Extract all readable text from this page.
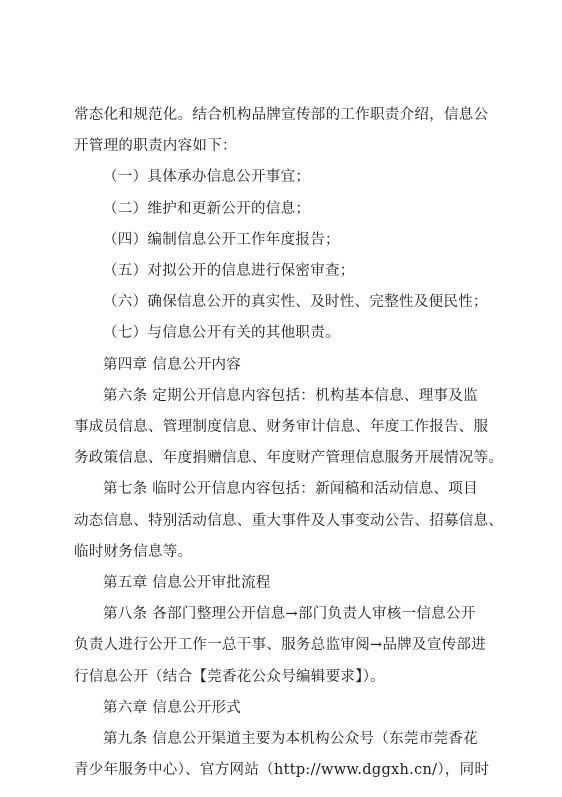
常态化和规范化。结合机构品牌宣传部的工作职责介绍，信息公
开管理的职责内容如下：
（一）具体承办信息公开事宜；
（二）维护和更新公开的信息；
（四）编制信息公开工作年度报告；
（五）对拟公开的信息进行保密审查；
（六）确保信息公开的真实性、及时性、完整性及便民性；
（七）与信息公开有关的其他职责。
第四章 信息公开内容
第六条 定期公开信息内容包括：机构基本信息、理事及监
事成员信息、管理制度信息、财务审计信息、年度工作报告、服
务政策信息、年度捐赠信息、年度财产管理信息服务开展情况等。
第七条 临时公开信息内容包括：新闻稿和活动信息、项目
动态信息、特别活动信息、重大事件及人事变动公告、招募信息、
临时财务信息等。
第五章 信息公开审批流程
第八条 各部门整理公开信息→部门负责人审核一信息公开
负责人进行公开工作一总干事、服务总监审阅→品牌及宣传部进
行信息公开（结合【莞香花公众号编辑要求】）。
第六章 信息公开形式
第九条 信息公开渠道主要为本机构公众号（东莞市莞香花
青少年服务中心）、官方网站（http://www.dggxh.cn/），同时
